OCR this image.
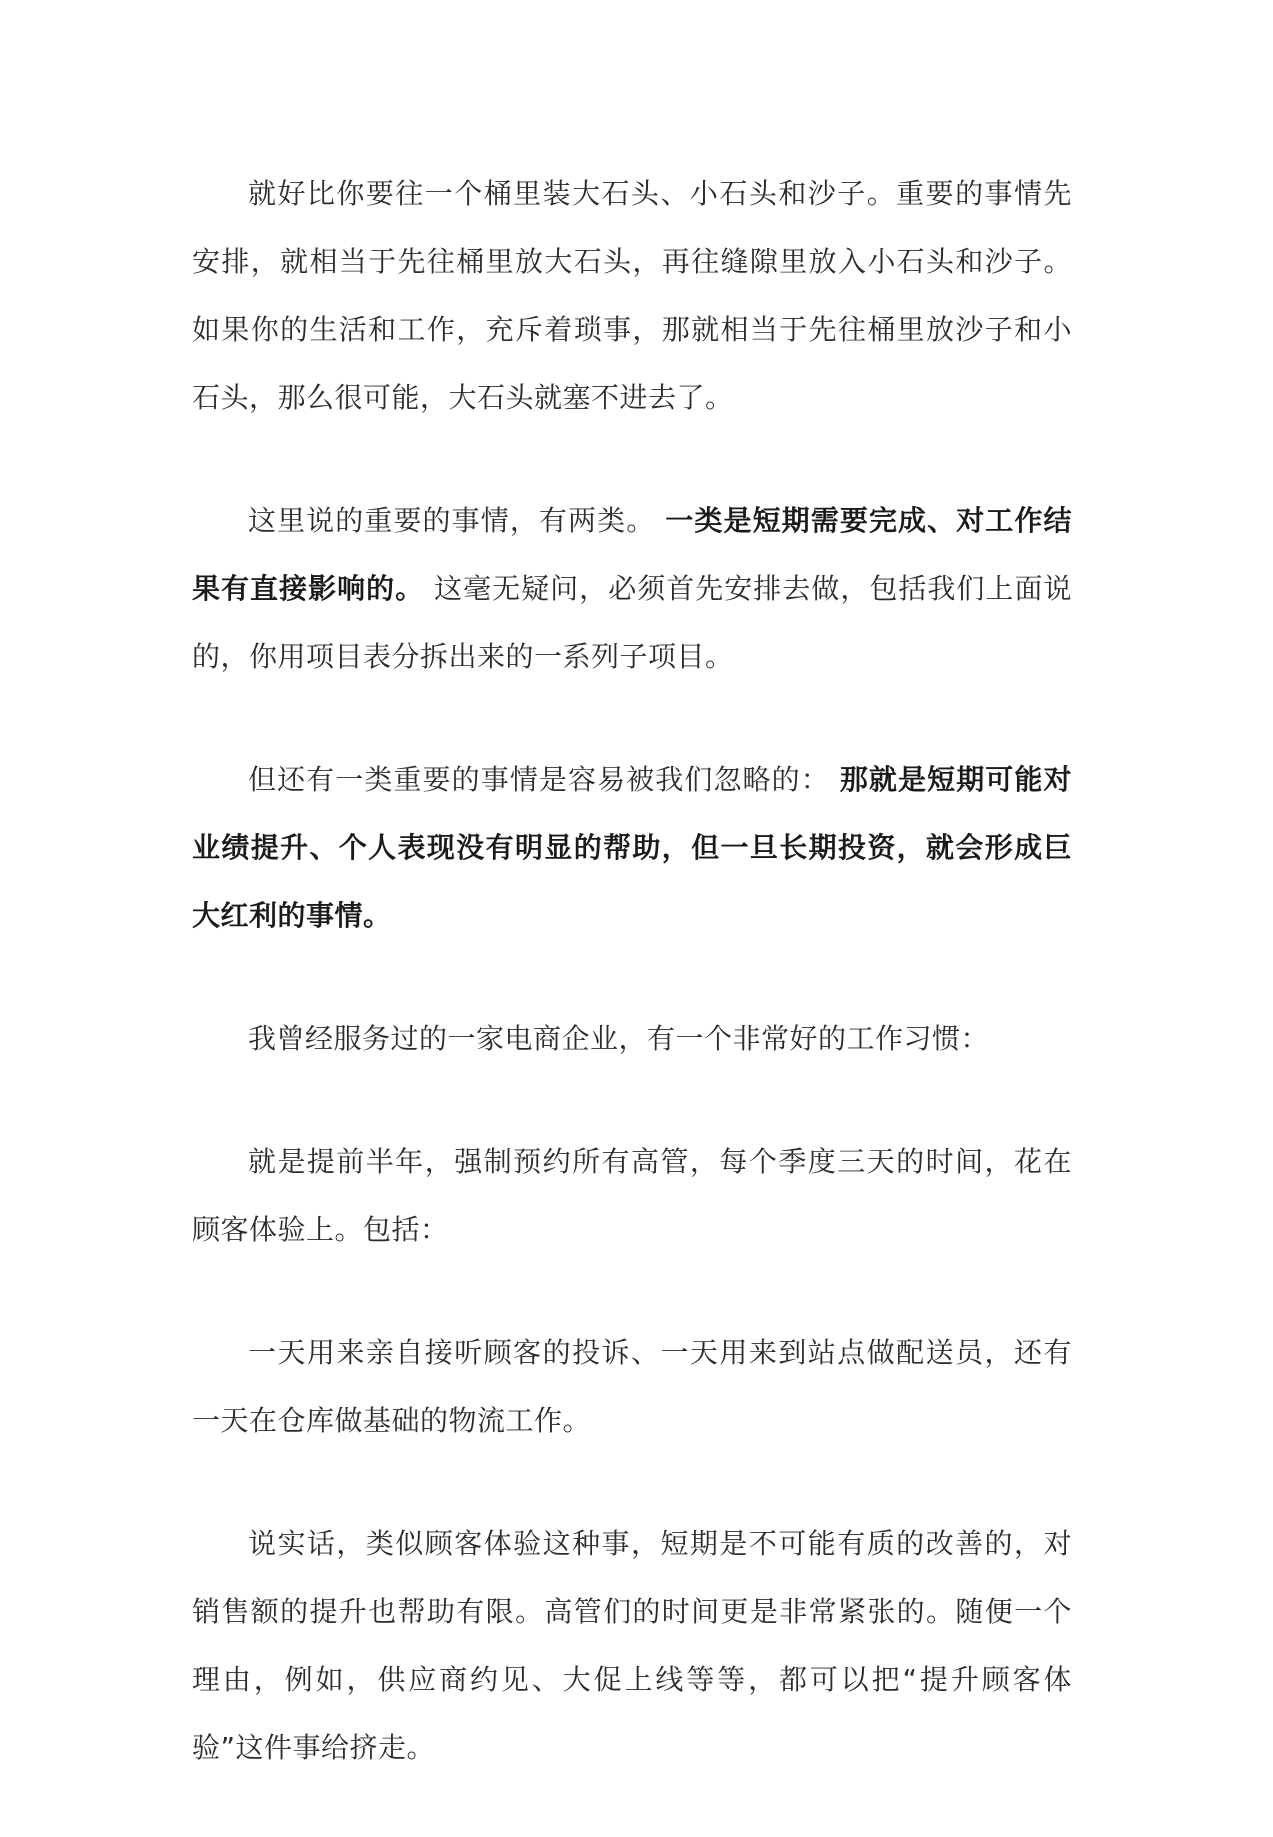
就好比你要往一个桶里装大石头、小石头和沙子。重要的事情先安排，就相当于先往桶里放大石头，再往缝隙里放入小石头和沙子。如果你的生活和工作，充斥着琐事，那就相当于先往桶里放沙子和小石头，那么很可能，大石头就塞不进去了。

这里说的重要的事情，有两类。 一类是短期需要完成、对工作结果有直接影响的。 这毫无疑问，必须首先安排去做，包括我们上面说的，你用项目表分拆出来的一系列子项目。

但还有一类重要的事情是容易被我们忽略的： 那就是短期可能对业绩提升、个人表现没有明显的帮助，但一旦长期投资，就会形成巨大红利的事情。

我曾经服务过的一家电商企业，有一个非常好的工作习惯：

就是提前半年，强制预约所有高管，每个季度三天的时间，花在顾客体验上。包括：

一天用来亲自接听顾客的投诉、一天用来到站点做配送员，还有一天在仓库做基础的物流工作。

说实话，类似顾客体验这种事，短期是不可能有质的改善的，对销售额的提升也帮助有限。高管们的时间更是非常紧张的。随便一个理由，例如，供应商约见、大促上线等等，都可以把“提升顾客体验”这件事给挤走。
